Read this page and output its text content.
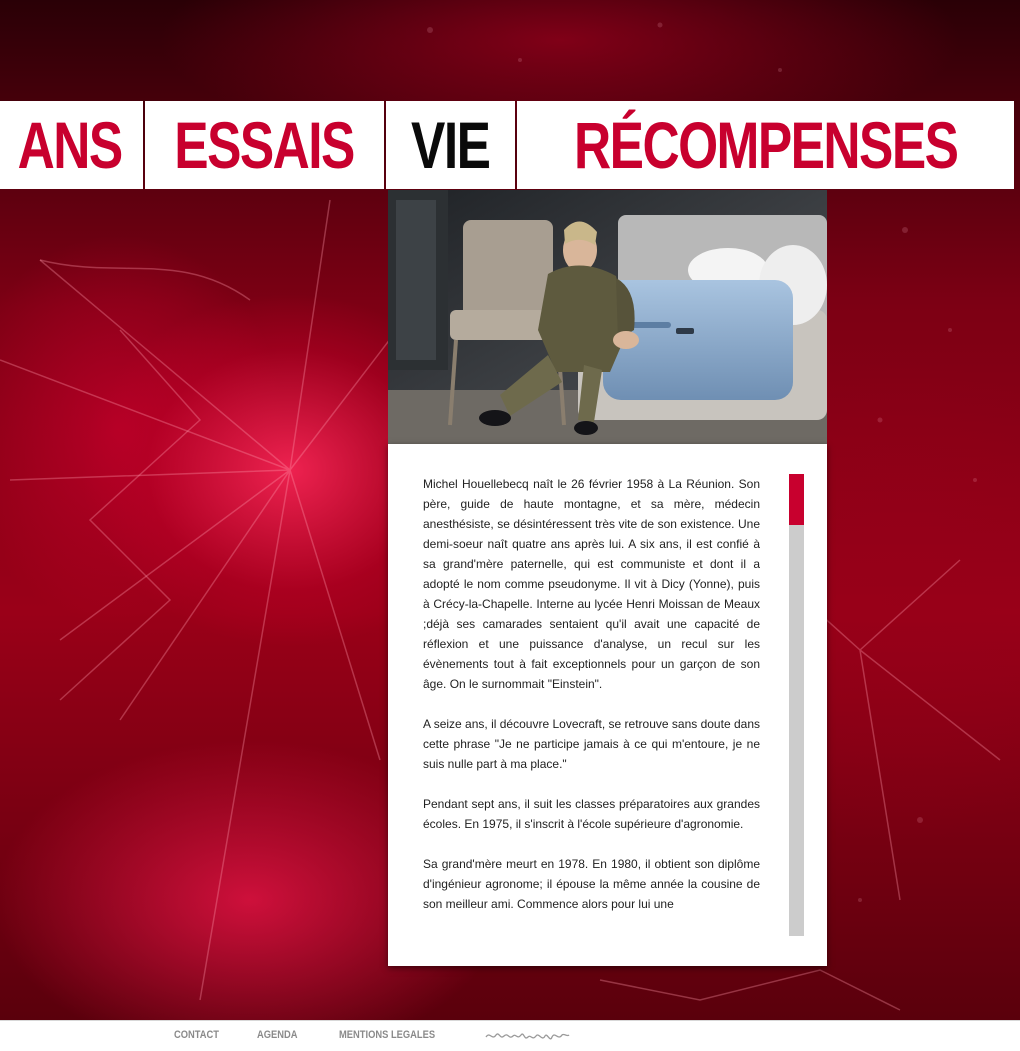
ANS ESSAIS VIE RÉCOMPENSES

Michel Houellebecq naît le 26 février 1958 à La Réunion. Son père, guide de haute montagne, et sa mère, médecin anesthésiste, se désintéressent très vite de son existence. Une demi-soeur naît quatre ans après lui. A six ans, il est confié à sa grand'mère paternelle, qui est communiste et dont il a adopté le nom comme pseudonyme. Il vit à Dicy (Yonne), puis à Crécy-la-Chapelle. Interne au lycée Henri Moissan de Meaux ;déjà ses camarades sentaient qu'il avait une capacité de réflexion et une puissance d'analyse, un recul sur les évènements tout à fait exceptionnels pour un garçon de son âge. On le surnommait "Einstein".

A seize ans, il découvre Lovecraft, se retrouve sans doute dans cette phrase "Je ne participe jamais à ce qui m'entoure, je ne suis nulle part à ma place."

Pendant sept ans, il suit les classes préparatoires aux grandes écoles. En 1975, il s'inscrit à l'école supérieure d'agronomie.

Sa grand'mère meurt en 1978. En 1980, il obtient son diplôme d'ingénieur agronome; il épouse la même année la cousine de son meilleur ami. Commence alors pour lui une

CONTACT	AGENDA	MENTIONS LEGALES
